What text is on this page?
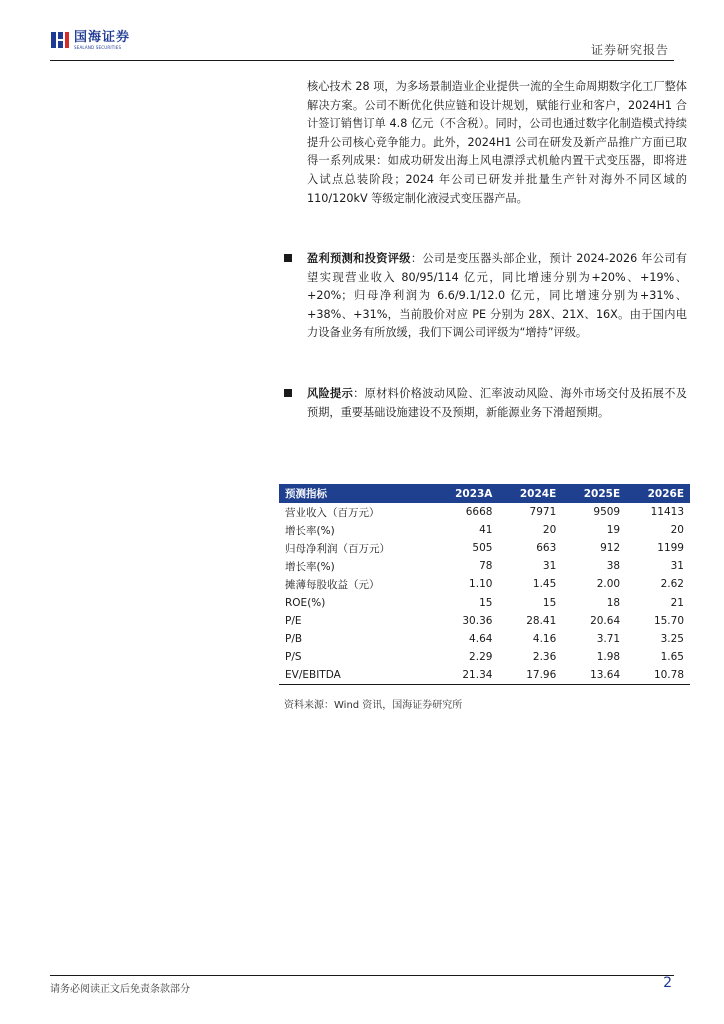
国海证券
SEALAND SECURITIES	证券研究报告

核心技术 28 项，为多场景制造业企业提供一流的全生命周期数字化工厂整体解决方案。公司不断优化供应链和设计规划，赋能行业和客户，2024H1 合计签订销售订单 4.8 亿元（不含税）。同时，公司也通过数字化制造模式持续提升公司核心竞争能力。此外，2024H1 公司在研发及新产品推广方面已取得一系列成果：如成功研发出海上风电漂浮式机舱内置干式变压器，即将进入试点总装阶段；2024 年公司已研发并批量生产针对海外不同区域的 110/120kV 等级定制化液浸式变压器产品。

盈利预测和投资评级：公司是变压器头部企业，预计 2024-2026 年公司有望实现营业收入 80/95/114 亿元，同比增速分别为+20%、+19%、+20%；归母净利润为 6.6/9.1/12.0 亿元，同比增速分别为+31%、+38%、+31%，当前股价对应 PE 分别为 28X、21X、16X。由于国内电力设备业务有所放缓，我们下调公司评级为“增持”评级。
风险提示：原材料价格波动风险、汇率波动风险、海外市场交付及拓展不及预期，重要基础设施建设不及预期，新能源业务下滑超预期。
预测指标	2023A	2024E	2025E	2026E
营业收入（百万元）	6668	7971	9509	11413
增长率(%)	41	20	19	20
归母净利润（百万元）	505	663	912	1199
增长率(%)	78	31	38	31
摊薄每股收益（元）	1.10	1.45	2.00	2.62
ROE(%)	15	15	18	21
P/E	30.36	28.41	20.64	15.70
P/B	4.64	4.16	3.71	3.25
P/S	2.29	2.36	1.98	1.65
EV/EBITDA	21.34	17.96	13.64	10.78
资料来源：Wind 资讯，国海证券研究所
请务必阅读正文后免责条款部分	2
